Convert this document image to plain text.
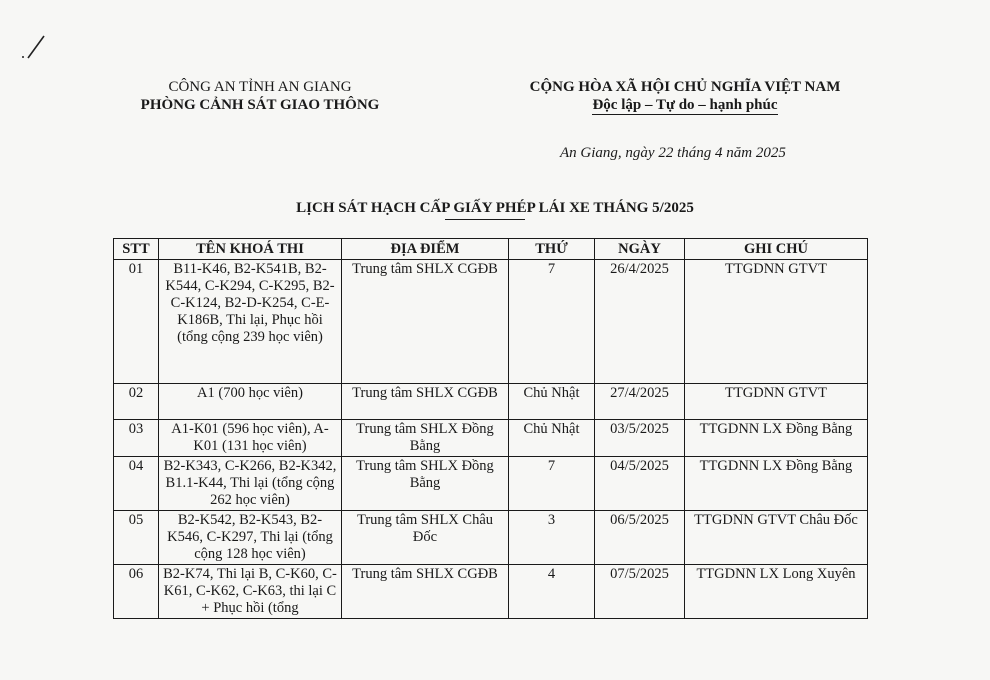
CÔNG AN TỈNH AN GIANG
PHÒNG CẢNH SÁT GIAO THÔNG
CỘNG HÒA XÃ HỘI CHỦ NGHĨA VIỆT NAM
Độc lập – Tự do – hạnh phúc
An Giang, ngày 22 tháng 4 năm 2025
LỊCH SÁT HẠCH CẤP GIẤY PHÉP LÁI XE THÁNG 5/2025
STT	TÊN KHOÁ THI	ĐỊA ĐIỂM	THỨ	NGÀY	GHI CHÚ
01	B11-K46, B2-K541B, B2-K544, C-K294, C-K295, B2-C-K124, B2-D-K254, C-E-K186B, Thi lại, Phục hồi (tổng cộng 239 học viên)	Trung tâm SHLX CGĐB	7	26/4/2025	TTGDNN GTVT
02	A1 (700 học viên)	Trung tâm SHLX CGĐB	Chủ Nhật	27/4/2025	TTGDNN GTVT
03	A1-K01 (596 học viên), A-K01 (131 học viên)	Trung tâm SHLX Đồng Bằng	Chủ Nhật	03/5/2025	TTGDNN LX Đồng Bằng
04	B2-K343, C-K266, B2-K342, B1.1-K44, Thi lại (tổng cộng 262 học viên)	Trung tâm SHLX Đồng Bằng	7	04/5/2025	TTGDNN LX Đồng Bằng
05	B2-K542, B2-K543, B2-K546, C-K297, Thi lại (tổng cộng 128 học viên)	Trung tâm SHLX Châu Đốc	3	06/5/2025	TTGDNN GTVT Châu Đốc
06	B2-K74, Thi lại B, C-K60, C-K61, C-K62, C-K63, thi lại C + Phục hồi (tổng	Trung tâm SHLX CGĐB	4	07/5/2025	TTGDNN LX Long Xuyên
